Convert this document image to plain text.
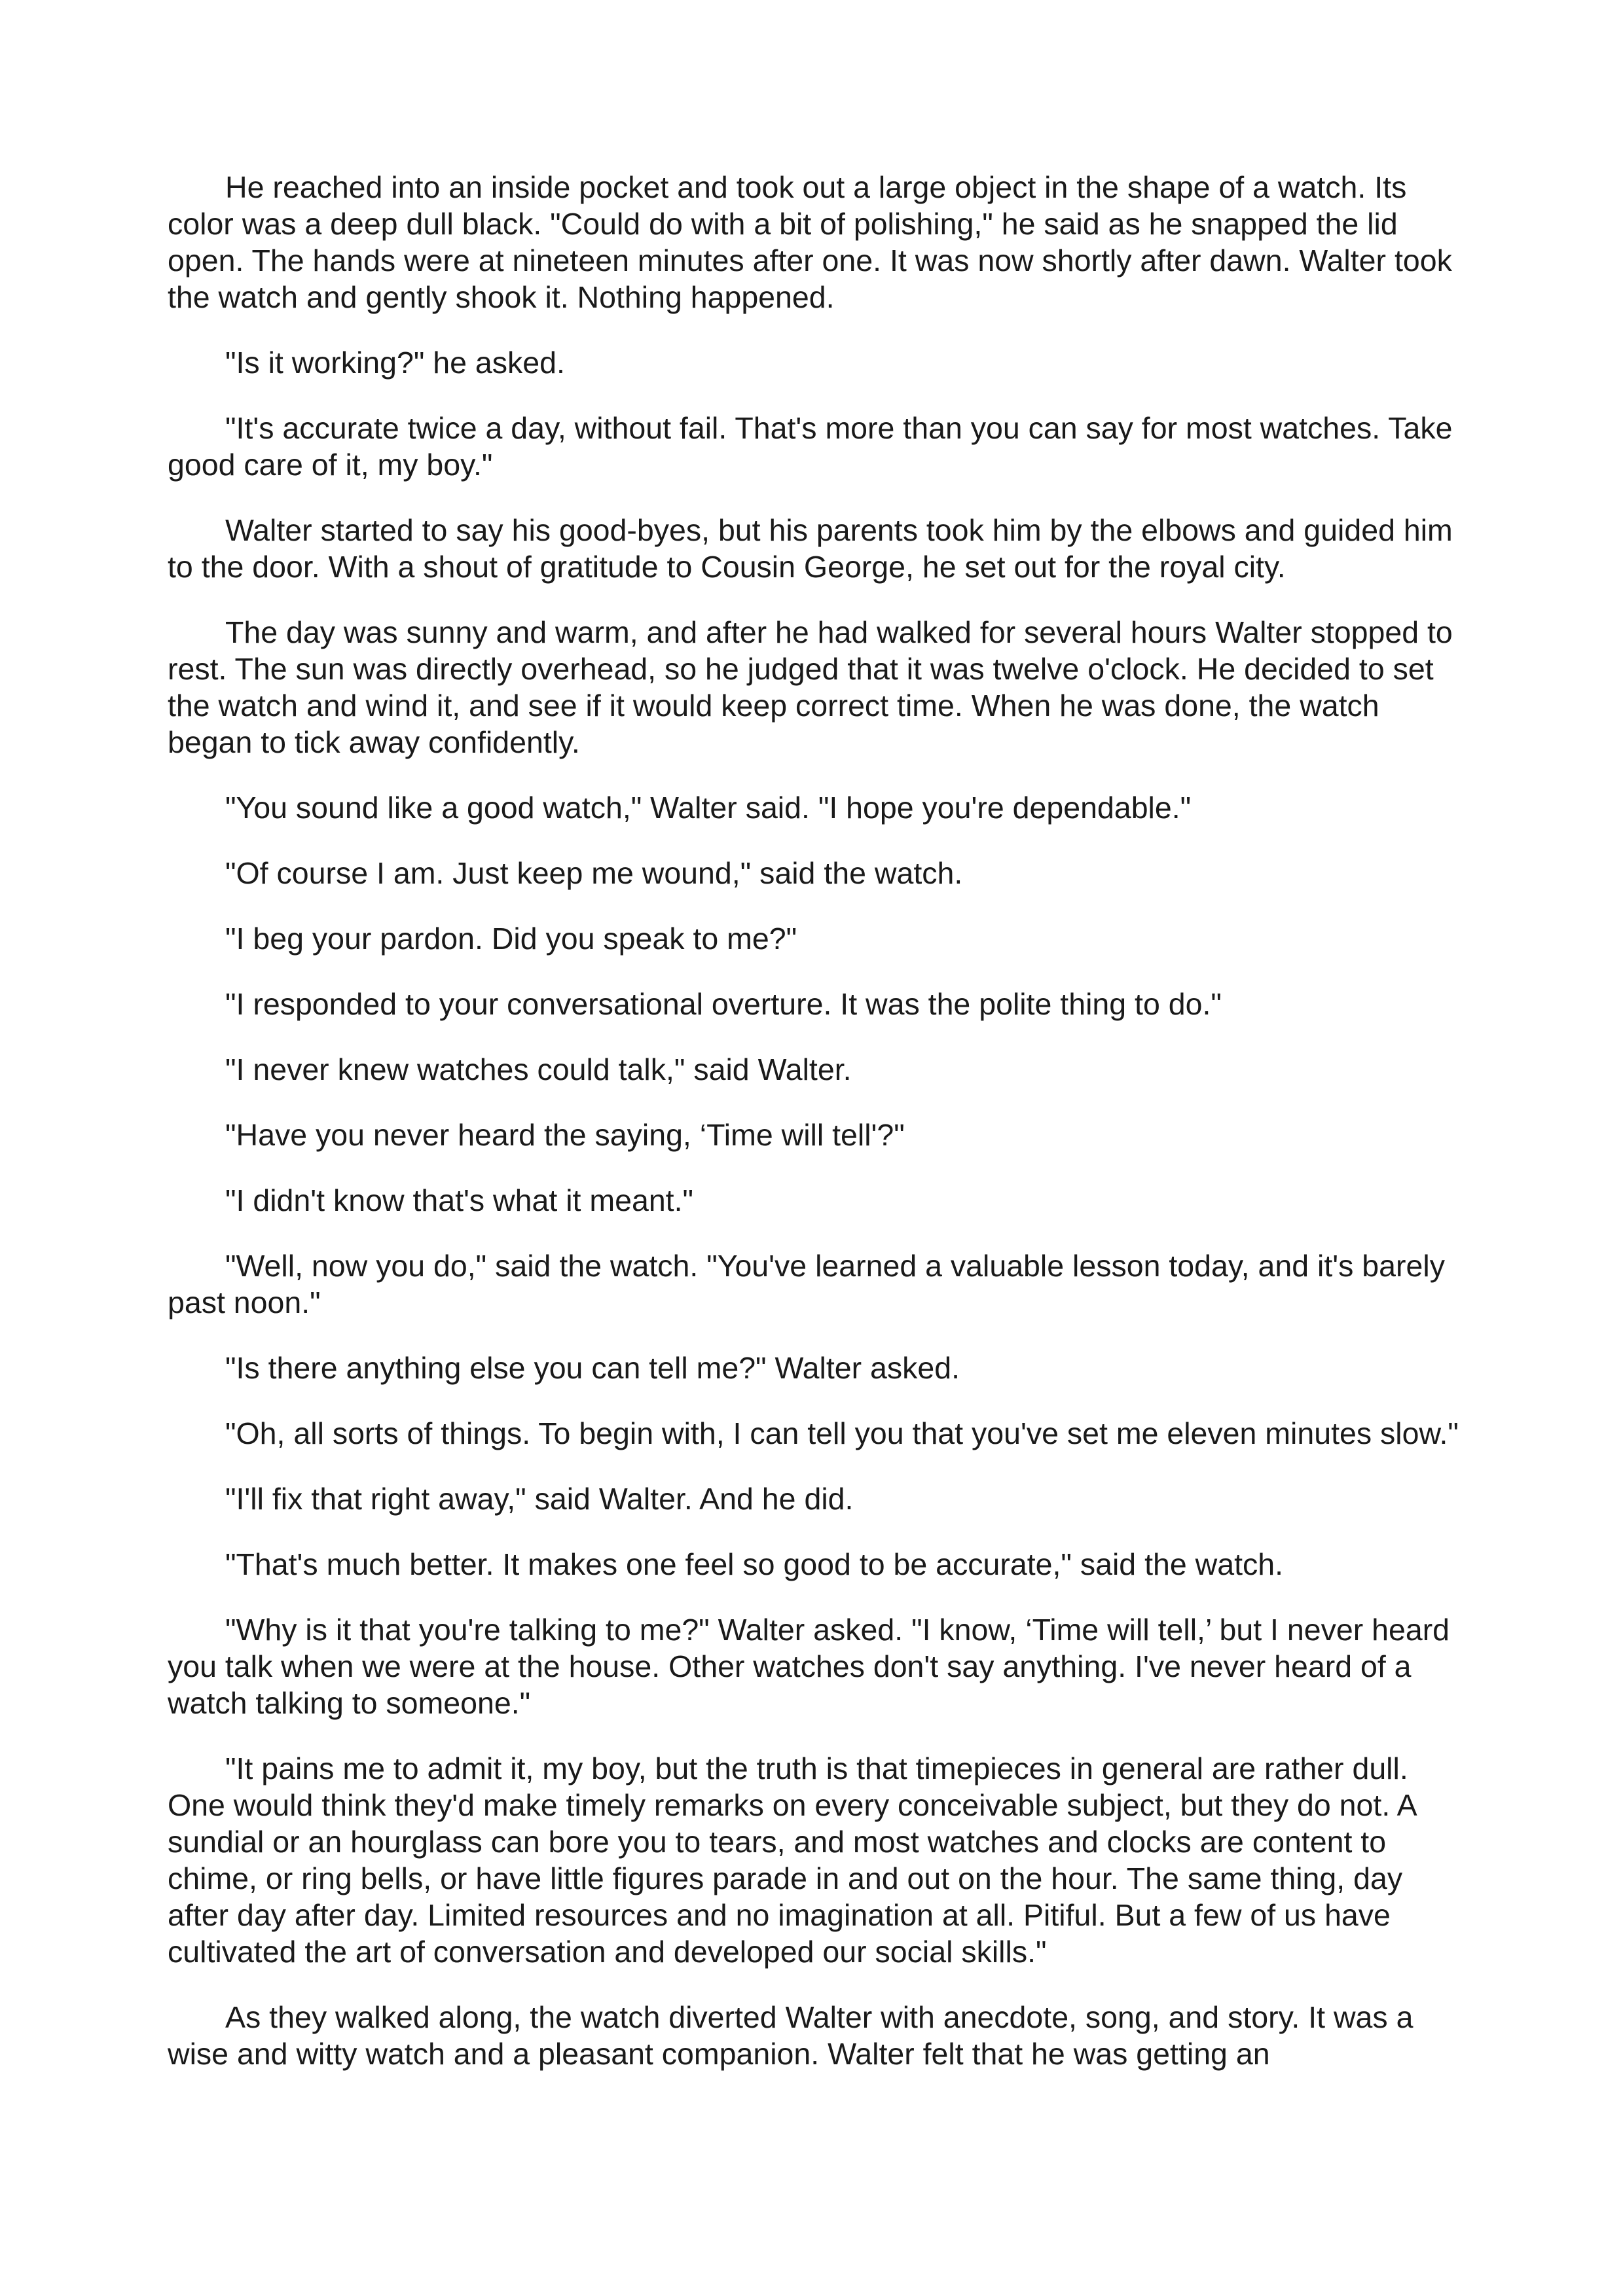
He reached into an inside pocket and took out a large object in the shape of a watch. Its color was a deep dull black. "Could do with a bit of polishing," he said as he snapped the lid open. The hands were at nineteen minutes after one. It was now shortly after dawn. Walter took the watch and gently shook it. Nothing happened.

"Is it working?" he asked.

"It's accurate twice a day, without fail. That's more than you can say for most watches. Take good care of it, my boy."

Walter started to say his good-byes, but his parents took him by the elbows and guided him to the door. With a shout of gratitude to Cousin George, he set out for the royal city.

The day was sunny and warm, and after he had walked for several hours Walter stopped to rest. The sun was directly overhead, so he judged that it was twelve o'clock. He decided to set the watch and wind it, and see if it would keep correct time. When he was done, the watch began to tick away confidently.

"You sound like a good watch," Walter said. "I hope you're dependable."

"Of course I am. Just keep me wound," said the watch.

"I beg your pardon. Did you speak to me?"

"I responded to your conversational overture. It was the polite thing to do."

"I never knew watches could talk," said Walter.

"Have you never heard the saying, ‘Time will tell'?"

"I didn't know that's what it meant."

"Well, now you do," said the watch. "You've learned a valuable lesson today, and it's barely past noon."

"Is there anything else you can tell me?" Walter asked.

"Oh, all sorts of things. To begin with, I can tell you that you've set me eleven minutes slow."

"I'll fix that right away," said Walter. And he did.

"That's much better. It makes one feel so good to be accurate," said the watch.

"Why is it that you're talking to me?" Walter asked. "I know, ‘Time will tell,’ but I never heard you talk when we were at the house. Other watches don't say anything. I've never heard of a watch talking to someone."

"It pains me to admit it, my boy, but the truth is that timepieces in general are rather dull. One would think they'd make timely remarks on every conceivable subject, but they do not. A sundial or an hourglass can bore you to tears, and most watches and clocks are content to chime, or ring bells, or have little figures parade in and out on the hour. The same thing, day after day after day. Limited resources and no imagination at all. Pitiful. But a few of us have cultivated the art of conversation and developed our social skills."

As they walked along, the watch diverted Walter with anecdote, song, and story. It was a wise and witty watch and a pleasant companion. Walter felt that he was getting an
